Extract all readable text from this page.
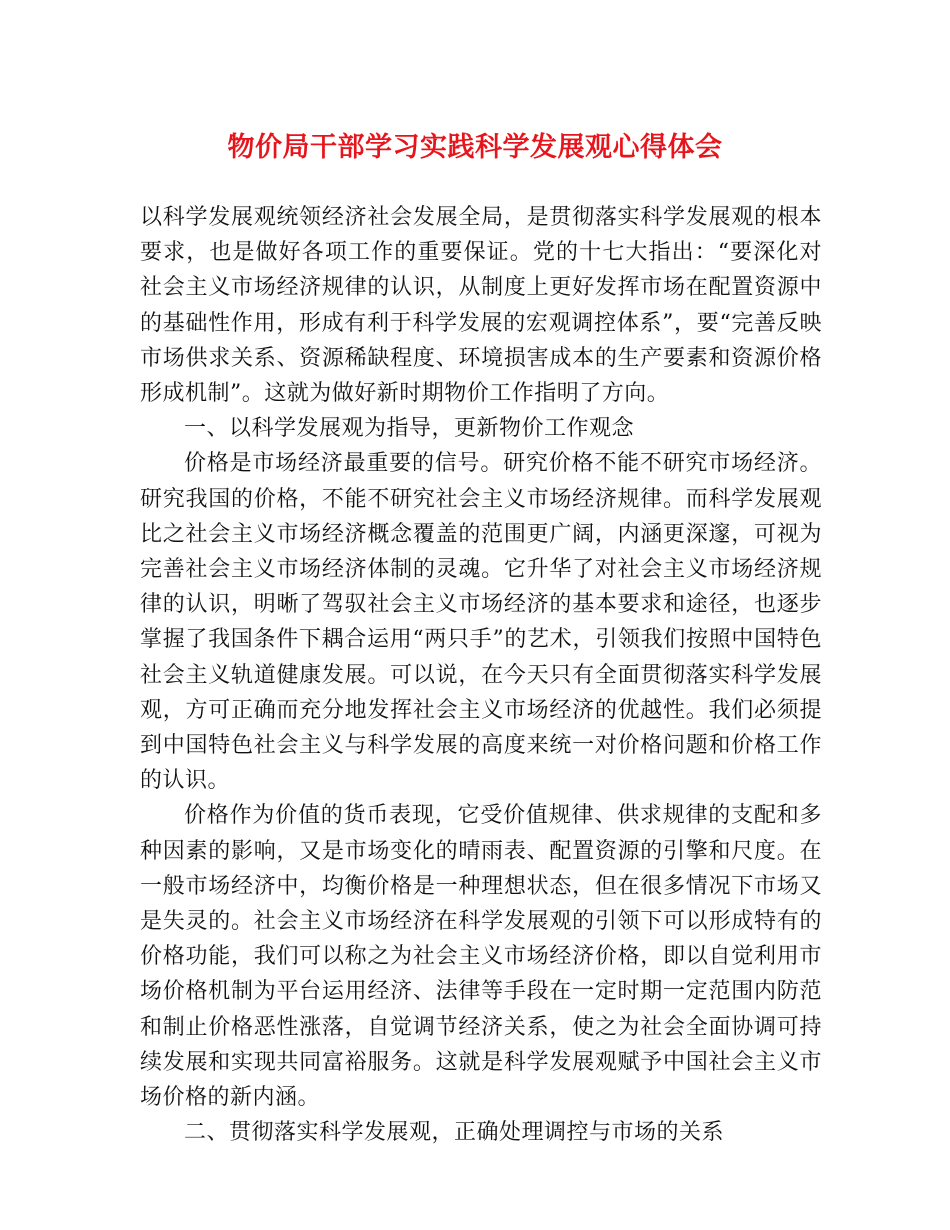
物价局干部学习实践科学发展观心得体会

以科学发展观统领经济社会发展全局，是贯彻落实科学发展观的根本要求，也是做好各项工作的重要保证。党的十七大指出：“要深化对社会主义市场经济规律的认识，从制度上更好发挥市场在配置资源中的基础性作用，形成有利于科学发展的宏观调控体系”，要“完善反映市场供求关系、资源稀缺程度、环境损害成本的生产要素和资源价格形成机制”。这就为做好新时期物价工作指明了方向。

一、以科学发展观为指导，更新物价工作观念

价格是市场经济最重要的信号。研究价格不能不研究市场经济。研究我国的价格，不能不研究社会主义市场经济规律。而科学发展观比之社会主义市场经济概念覆盖的范围更广阔，内涵更深邃，可视为完善社会主义市场经济体制的灵魂。它升华了对社会主义市场经济规律的认识，明晰了驾驭社会主义市场经济的基本要求和途径，也逐步掌握了我国条件下耦合运用“两只手”的艺术，引领我们按照中国特色社会主义轨道健康发展。可以说，在今天只有全面贯彻落实科学发展观，方可正确而充分地发挥社会主义市场经济的优越性。我们必须提到中国特色社会主义与科学发展的高度来统一对价格问题和价格工作的认识。

价格作为价值的货币表现，它受价值规律、供求规律的支配和多种因素的影响，又是市场变化的晴雨表、配置资源的引擎和尺度。在一般市场经济中，均衡价格是一种理想状态，但在很多情况下市场又是失灵的。社会主义市场经济在科学发展观的引领下可以形成特有的价格功能，我们可以称之为社会主义市场经济价格，即以自觉利用市场价格机制为平台运用经济、法律等手段在一定时期一定范围内防范和制止价格恶性涨落，自觉调节经济关系，使之为社会全面协调可持续发展和实现共同富裕服务。这就是科学发展观赋予中国社会主义市场价格的新内涵。

二、贯彻落实科学发展观，正确处理调控与市场的关系
